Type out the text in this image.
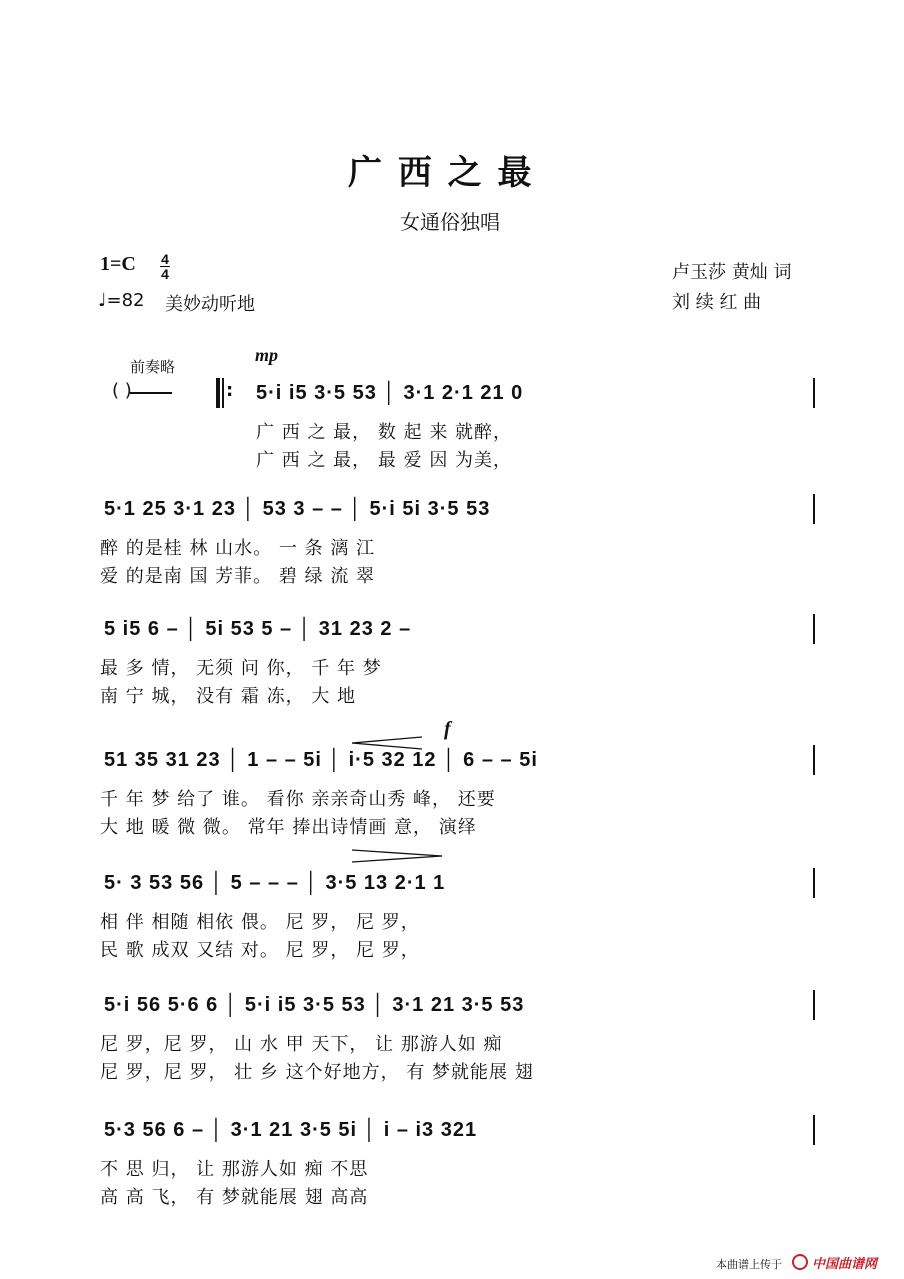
广 西 之 最
女通俗独唱
1=C 4
4
♩=82 美妙动听地
卢玉莎 黄灿 词
刘 续 红 曲
前奏略
( )
mp
: 5·i i5 3·5 53 │ 3·1 2·1 21 0
广 西 之 最， 数 起 来 就醉，
广 西 之 最， 最 爱 因 为美，
5·1 25 3·1 23 │ 53 3 – – │ 5·i 5i 3·5 53
醉 的是桂 林 山水。 一 条 漓 江
爱 的是南 国 芳菲。 碧 绿 流 翠
5 i5 6 – │ 5i 53 5 – │ 31 23 2 –
最 多 情， 无须 问 你， 千 年 梦
南 宁 城， 没有 霜 冻， 大 地
f
51 35 31 23 │ 1 – – 5i │ i·5 32 12 │ 6 – – 5i
千 年 梦 给了 谁。 看你 亲亲奇山秀 峰， 还要
大 地 暖 微 微。 常年 捧出诗情画 意， 演绎
5· 3 53 56 │ 5 – – – │ 3·5 13 2·1 1
相 伴 相随 相依 偎。 尼 罗， 尼 罗，
民 歌 成双 又结 对。 尼 罗， 尼 罗，
5·i 56 5·6 6 │ 5·i i5 3·5 53 │ 3·1 21 3·5 53
尼 罗，尼 罗， 山 水 甲 天下， 让 那游人如 痴
尼 罗，尼 罗， 壮 乡 这个好地方， 有 梦就能展 翅
5·3 56 6 – │ 3·1 21 3·5 5i │ i – i3 321
不 思 归， 让 那游人如 痴 不思
高 高 飞， 有 梦就能展 翅 高高
本曲谱上传于 中国曲谱网
